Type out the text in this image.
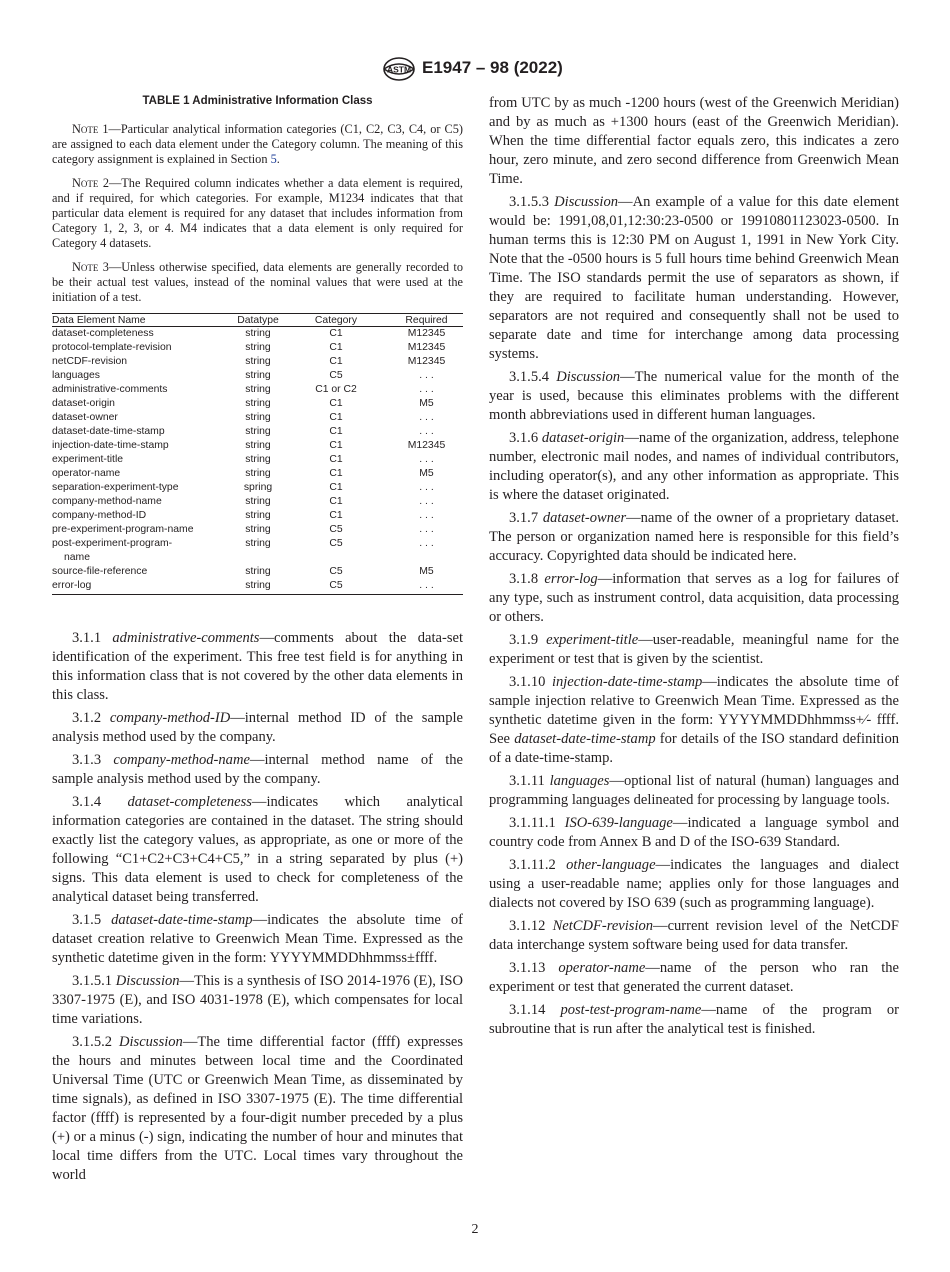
ASTM E1947 – 98 (2022)
TABLE 1 Administrative Information Class

Note 1—Particular analytical information categories (C1, C2, C3, C4, or C5) are assigned to each data element under the Category column. The meaning of this category assignment is explained in Section 5.

Note 2—The Required column indicates whether a data element is required, and if required, for which categories. For example, M1234 indicates that that particular data element is required for any dataset that includes information from Category 1, 2, 3, or 4. M4 indicates that a data element is only required for Category 4 datasets.

Note 3—Unless otherwise specified, data elements are generally recorded to be their actual test values, instead of the nominal values that were used at the initiation of a test.

Data Element Name	Datatype	Category	Required
dataset-completeness	string	C1	M12345
protocol-template-revision	string	C1	M12345
netCDF-revision	string	C1	M12345
languages	string	C5	. . .
administrative-comments	string	C1 or C2	. . .
dataset-origin	string	C1	M5
dataset-owner	string	C1	. . .
dataset-date-time-stamp	string	C1	. . .
injection-date-time-stamp	string	C1	M12345
experiment-title	string	C1	. . .
operator-name	string	C1	M5
separation-experiment-type	spring	C1	. . .
company-method-name	string	C1	. . .
company-method-ID	string	C1	. . .
pre-experiment-program-name	string	C5	. . .
post-experiment-program-
name	string	C5	. . .
source-file-reference	string	C5	M5
error-log	string	C5	. . .

3.1.1 administrative-comments—comments about the data-set identification of the experiment. This free test field is for anything in this information class that is not covered by the other data elements in this class.

3.1.2 company-method-ID—internal method ID of the sample analysis method used by the company.

3.1.3 company-method-name—internal method name of the sample analysis method used by the company.

3.1.4 dataset-completeness—indicates which analytical information categories are contained in the dataset. The string should exactly list the category values, as appropriate, as one or more of the following “C1+C2+C3+C4+C5,” in a string separated by plus (+) signs. This data element is used to check for completeness of the analytical dataset being transferred.

3.1.5 dataset-date-time-stamp—indicates the absolute time of dataset creation relative to Greenwich Mean Time. Expressed as the synthetic datetime given in the form: YYYYMMDDhhmmss±ffff.

3.1.5.1 Discussion—This is a synthesis of ISO 2014-1976 (E), ISO 3307-1975 (E), and ISO 4031-1978 (E), which compensates for local time variations.

3.1.5.2 Discussion—The time differential factor (ffff) expresses the hours and minutes between local time and the Coordinated Universal Time (UTC or Greenwich Mean Time, as disseminated by time signals), as defined in ISO 3307-1975 (E). The time differential factor (ffff) is represented by a four-digit number preceded by a plus (+) or a minus (-) sign, indicating the number of hour and minutes that local time differs from the UTC. Local times vary throughout the world

from UTC by as much -1200 hours (west of the Greenwich Meridian) and by as much as +1300 hours (east of the Greenwich Meridian). When the time differential factor equals zero, this indicates a zero hour, zero minute, and zero second difference from Greenwich Mean Time.

3.1.5.3 Discussion—An example of a value for this date element would be: 1991,08,01,12:30:23-0500 or 19910801123023-0500. In human terms this is 12:30 PM on August 1, 1991 in New York City. Note that the -0500 hours is 5 full hours time behind Greenwich Mean Time. The ISO standards permit the use of separators as shown, if they are required to facilitate human understanding. However, separators are not required and consequently shall not be used to separate date and time for interchange among data processing systems.

3.1.5.4 Discussion—The numerical value for the month of the year is used, because this eliminates problems with the different month abbreviations used in different human languages.

3.1.6 dataset-origin—name of the organization, address, telephone number, electronic mail nodes, and names of individual contributors, including operator(s), and any other information as appropriate. This is where the dataset originated.

3.1.7 dataset-owner—name of the owner of a proprietary dataset. The person or organization named here is responsible for this field’s accuracy. Copyrighted data should be indicated here.

3.1.8 error-log—information that serves as a log for failures of any type, such as instrument control, data acquisition, data processing or others.

3.1.9 experiment-title—user-readable, meaningful name for the experiment or test that is given by the scientist.

3.1.10 injection-date-time-stamp—indicates the absolute time of sample injection relative to Greenwich Mean Time. Expressed as the synthetic datetime given in the form: YYYYMMDDhhmmss+⁄- ffff. See dataset-date-time-stamp for details of the ISO standard definition of a date-time-stamp.

3.1.11 languages—optional list of natural (human) languages and programming languages delineated for processing by language tools.

3.1.11.1 ISO-639-language—indicated a language symbol and country code from Annex B and D of the ISO-639 Standard.

3.1.11.2 other-language—indicates the languages and dialect using a user-readable name; applies only for those languages and dialects not covered by ISO 639 (such as programming language).

3.1.12 NetCDF-revision—current revision level of the NetCDF data interchange system software being used for data transfer.

3.1.13 operator-name—name of the person who ran the experiment or test that generated the current dataset.

3.1.14 post-test-program-name—name of the program or subroutine that is run after the analytical test is finished.

2
